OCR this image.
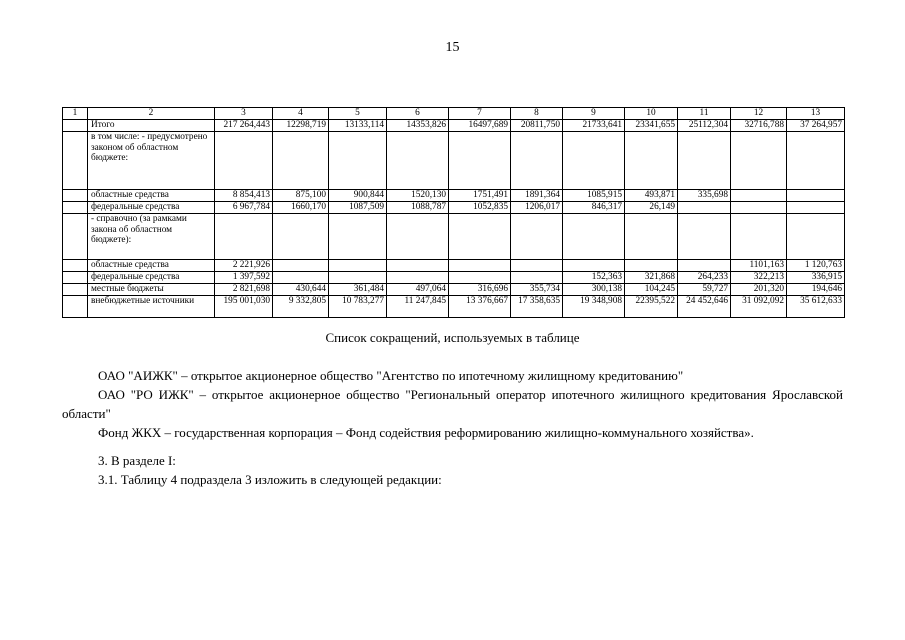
15
1	2	3	4	5	6	7	8	9	10	11	12	13
	Итого	217 264,443	12298,719	13133,114	14353,826	16497,689	20811,750	21733,641	23341,655	25112,304	32716,788	37 264,957
	в том числе: - предусмотрено законом об областном бюджете:											
	областные средства	8 854,413	875,100	900,844	1520,130	1751,491	1891,364	1085,915	493,871	335,698		
	федеральные средства	6 967,784	1660,170	1087,509	1088,787	1052,835	1206,017	846,317	26,149			
	- справочно (за рамками закона об областном бюджете):											
	областные средства	2 221,926									1101,163	1 120,763
	федеральные средства	1 397,592						152,363	321,868	264,233	322,213	336,915
	местные бюджеты	2 821,698	430,644	361,484	497,064	316,696	355,734	300,138	104,245	59,727	201,320	194,646
	внебюджетные источники	195 001,030	9 332,805	10 783,277	11 247,845	13 376,667	17 358,635	19 348,908	22395,522	24 452,646	31 092,092	35 612,633
Список сокращений, используемых в таблице
ОАО "АИЖК" – открытое акционерное общество "Агентство по ипотечному жилищному кредитованию"
ОАО "РО ИЖК" – открытое акционерное общество "Региональный оператор ипотечного жилищного кредитования Ярославской области"
Фонд ЖКХ – государственная корпорация – Фонд содействия реформированию жилищно-коммунального хозяйства».
3. В разделе I:
3.1. Таблицу 4 подраздела 3 изложить в следующей редакции:
